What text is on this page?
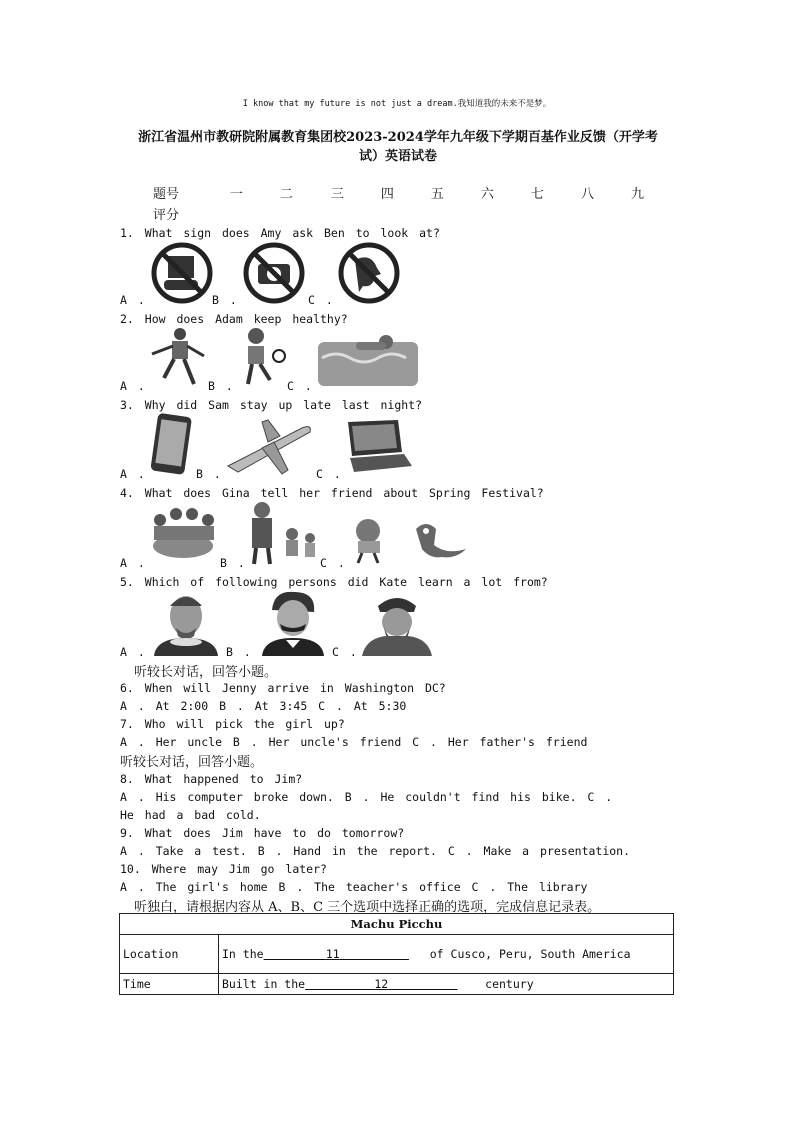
I know that my future is not just a dream.我知道我的未来不是梦。
浙江省温州市教研院附属教育集团校2023-2024学年九年级下学期百基作业反馈（开学考
试）英语试卷
题号	一	二	三	四	五	六	七	八	九
评分
1. What sign does Amy ask Ben to look at?
A .	B .	C .
2. How does Adam keep healthy?
A .	B .	C .
3. Why did Sam stay up late last night?
A .	B .	C .
4. What does Gina tell her friend about Spring Festival?
A .	B .	C .
5. Which of following persons did Kate learn a lot from?
A .	B .	C .
听较长对话，回答小题。
6. When will Jenny arrive in Washington DC?
A . At 2:00 B . At 3:45 C . At 5:30
7. Who will pick the girl up?
A . Her uncle B . Her uncle's friend C . Her father's friend
听较长对话，回答小题。
8. What happened to Jim?
A . His computer broke down. B . He couldn't find his bike. C .
He had a bad cold.
9. What does Jim have to do tomorrow?
A . Take a test. B . Hand in the report. C . Make a presentation.
10. Where may Jim go later?
A . The girl's home B . The teacher's office C . The library
听独白，请根据内容从 A、B、C 三个选项中选择正确的选项，完成信息记录表。
Machu Picchu	
Location	In the 11 of Cusco, Peru, South America
Time	Built in the 12 century
